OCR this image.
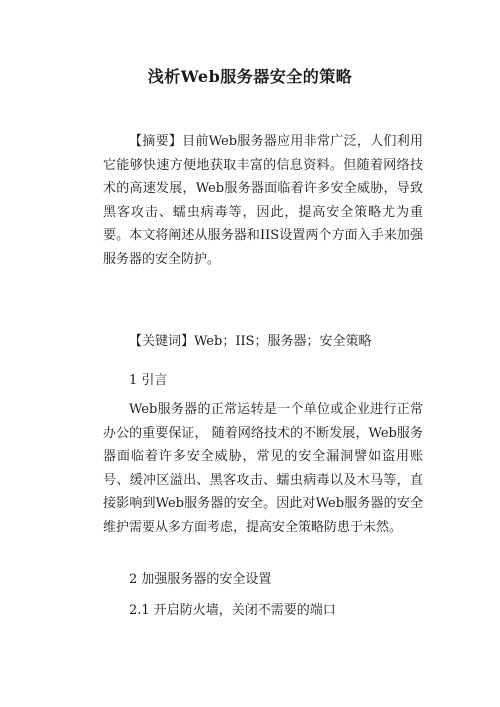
浅析Web服务器安全的策略
【摘要】目前Web服务器应用非常广泛，人们利用它能够快速方便地获取丰富的信息资料。但随着网络技术的高速发展，Web服务器面临着许多安全威胁，导致黑客攻击、蠕虫病毒等，因此，提高安全策略尤为重要。本文将阐述从服务器和IIS设置两个方面入手来加强服务器的安全防护。
【关键词】Web；IIS；服务器；安全策略
1 引言
Web服务器的正常运转是一个单位或企业进行正常办公的重要保证， 随着网络技术的不断发展，Web服务器面临着许多安全威胁，常见的安全漏洞譬如盗用账号、缓冲区溢出、黑客攻击、蠕虫病毒以及木马等，直接影响到Web服务器的安全。因此对Web服务器的安全维护需要从多方面考虑，提高安全策略防患于未然。
2 加强服务器的安全设置
2.1 开启防火墙，关闭不需要的端口
